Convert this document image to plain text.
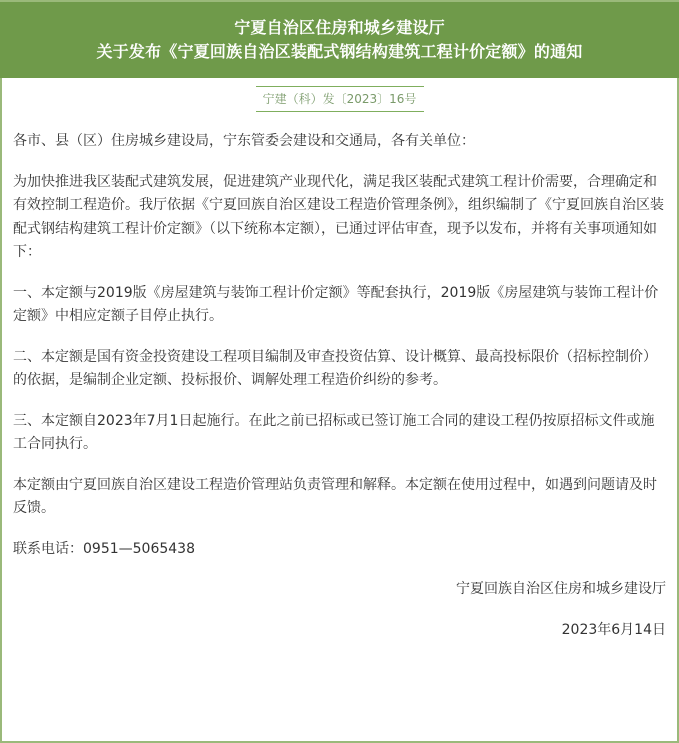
宁夏自治区住房和城乡建设厅
关于发布《宁夏回族自治区装配式钢结构建筑工程计价定额》的通知
宁建（科）发〔2023〕16号

各市、县（区）住房城乡建设局，宁东管委会建设和交通局，各有关单位：

为加快推进我区装配式建筑发展，促进建筑产业现代化，满足我区装配式建筑工程计价需要，合理确定和有效控制工程造价。我厅依据《宁夏回族自治区建设工程造价管理条例》，组织编制了《宁夏回族自治区装配式钢结构建筑工程计价定额》（以下统称本定额），已通过评估审查，现予以发布，并将有关事项通知如下：

一、本定额与2019版《房屋建筑与装饰工程计价定额》等配套执行，2019版《房屋建筑与装饰工程计价定额》中相应定额子目停止执行。

二、本定额是国有资金投资建设工程项目编制及审查投资估算、设计概算、最高投标限价（招标控制价）的依据，是编制企业定额、投标报价、调解处理工程造价纠纷的参考。

三、本定额自2023年7月1日起施行。在此之前已招标或已签订施工合同的建设工程仍按原招标文件或施工合同执行。

本定额由宁夏回族自治区建设工程造价管理站负责管理和解释。本定额在使用过程中，如遇到问题请及时反馈。

联系电话：0951—5065438

宁夏回族自治区住房和城乡建设厅

2023年6月14日
